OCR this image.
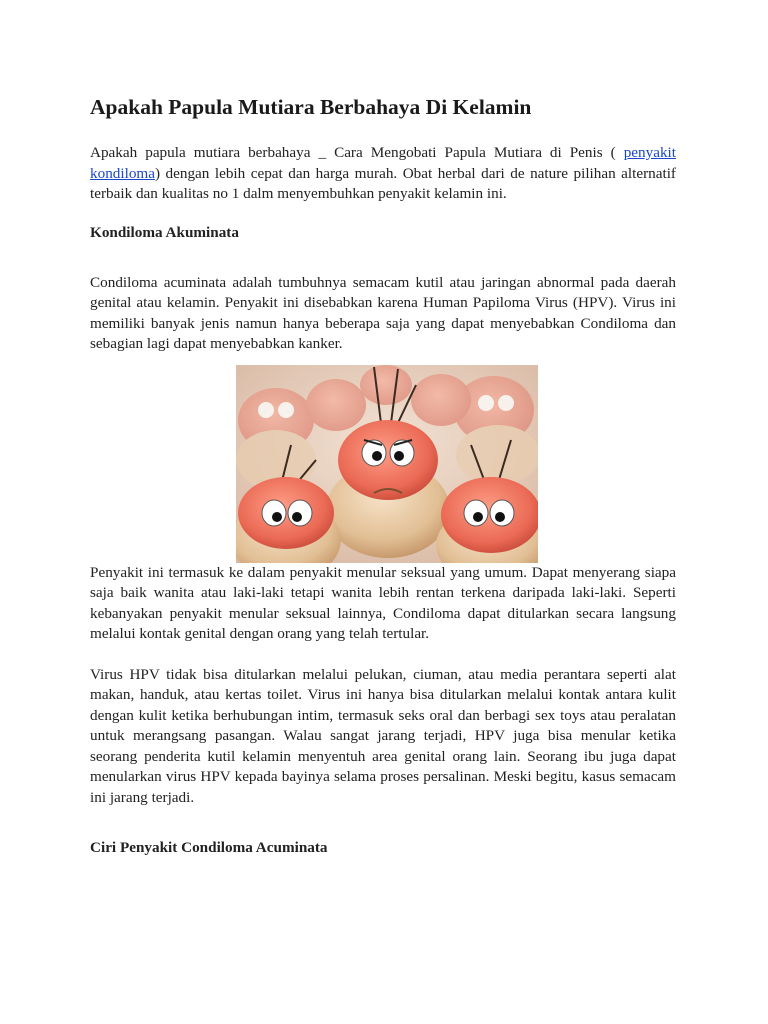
Apakah Papula Mutiara Berbahaya Di Kelamin

Apakah papula mutiara berbahaya _ Cara Mengobati Papula Mutiara di Penis ( penyakit kondiloma) dengan lebih cepat dan harga murah. Obat herbal dari de nature pilihan alternatif terbaik dan kualitas no 1 dalm menyembuhkan penyakit kelamin ini.

Kondiloma Akuminata

Condiloma acuminata adalah tumbuhnya semacam kutil atau jaringan abnormal pada daerah genital atau kelamin. Penyakit ini disebabkan karena Human Papiloma Virus (HPV). Virus ini memiliki banyak jenis namun hanya beberapa saja yang dapat menyebabkan Condiloma dan sebagian lagi dapat menyebabkan kanker.

Penyakit ini termasuk ke dalam penyakit menular seksual yang umum. Dapat menyerang siapa saja baik wanita atau laki-laki tetapi wanita lebih rentan terkena daripada laki-laki. Seperti kebanyakan penyakit menular seksual lainnya, Condiloma dapat ditularkan secara langsung melalui kontak genital dengan orang yang telah tertular.

Virus HPV tidak bisa ditularkan melalui pelukan, ciuman, atau media perantara seperti alat makan, handuk, atau kertas toilet. Virus ini hanya bisa ditularkan melalui kontak antara kulit dengan kulit ketika berhubungan intim, termasuk seks oral dan berbagi sex toys atau peralatan untuk merangsang pasangan. Walau sangat jarang terjadi, HPV juga bisa menular ketika seorang penderita kutil kelamin menyentuh area genital orang lain. Seorang ibu juga dapat menularkan virus HPV kepada bayinya selama proses persalinan. Meski begitu, kasus semacam ini jarang terjadi.

Ciri Penyakit Condiloma Acuminata
